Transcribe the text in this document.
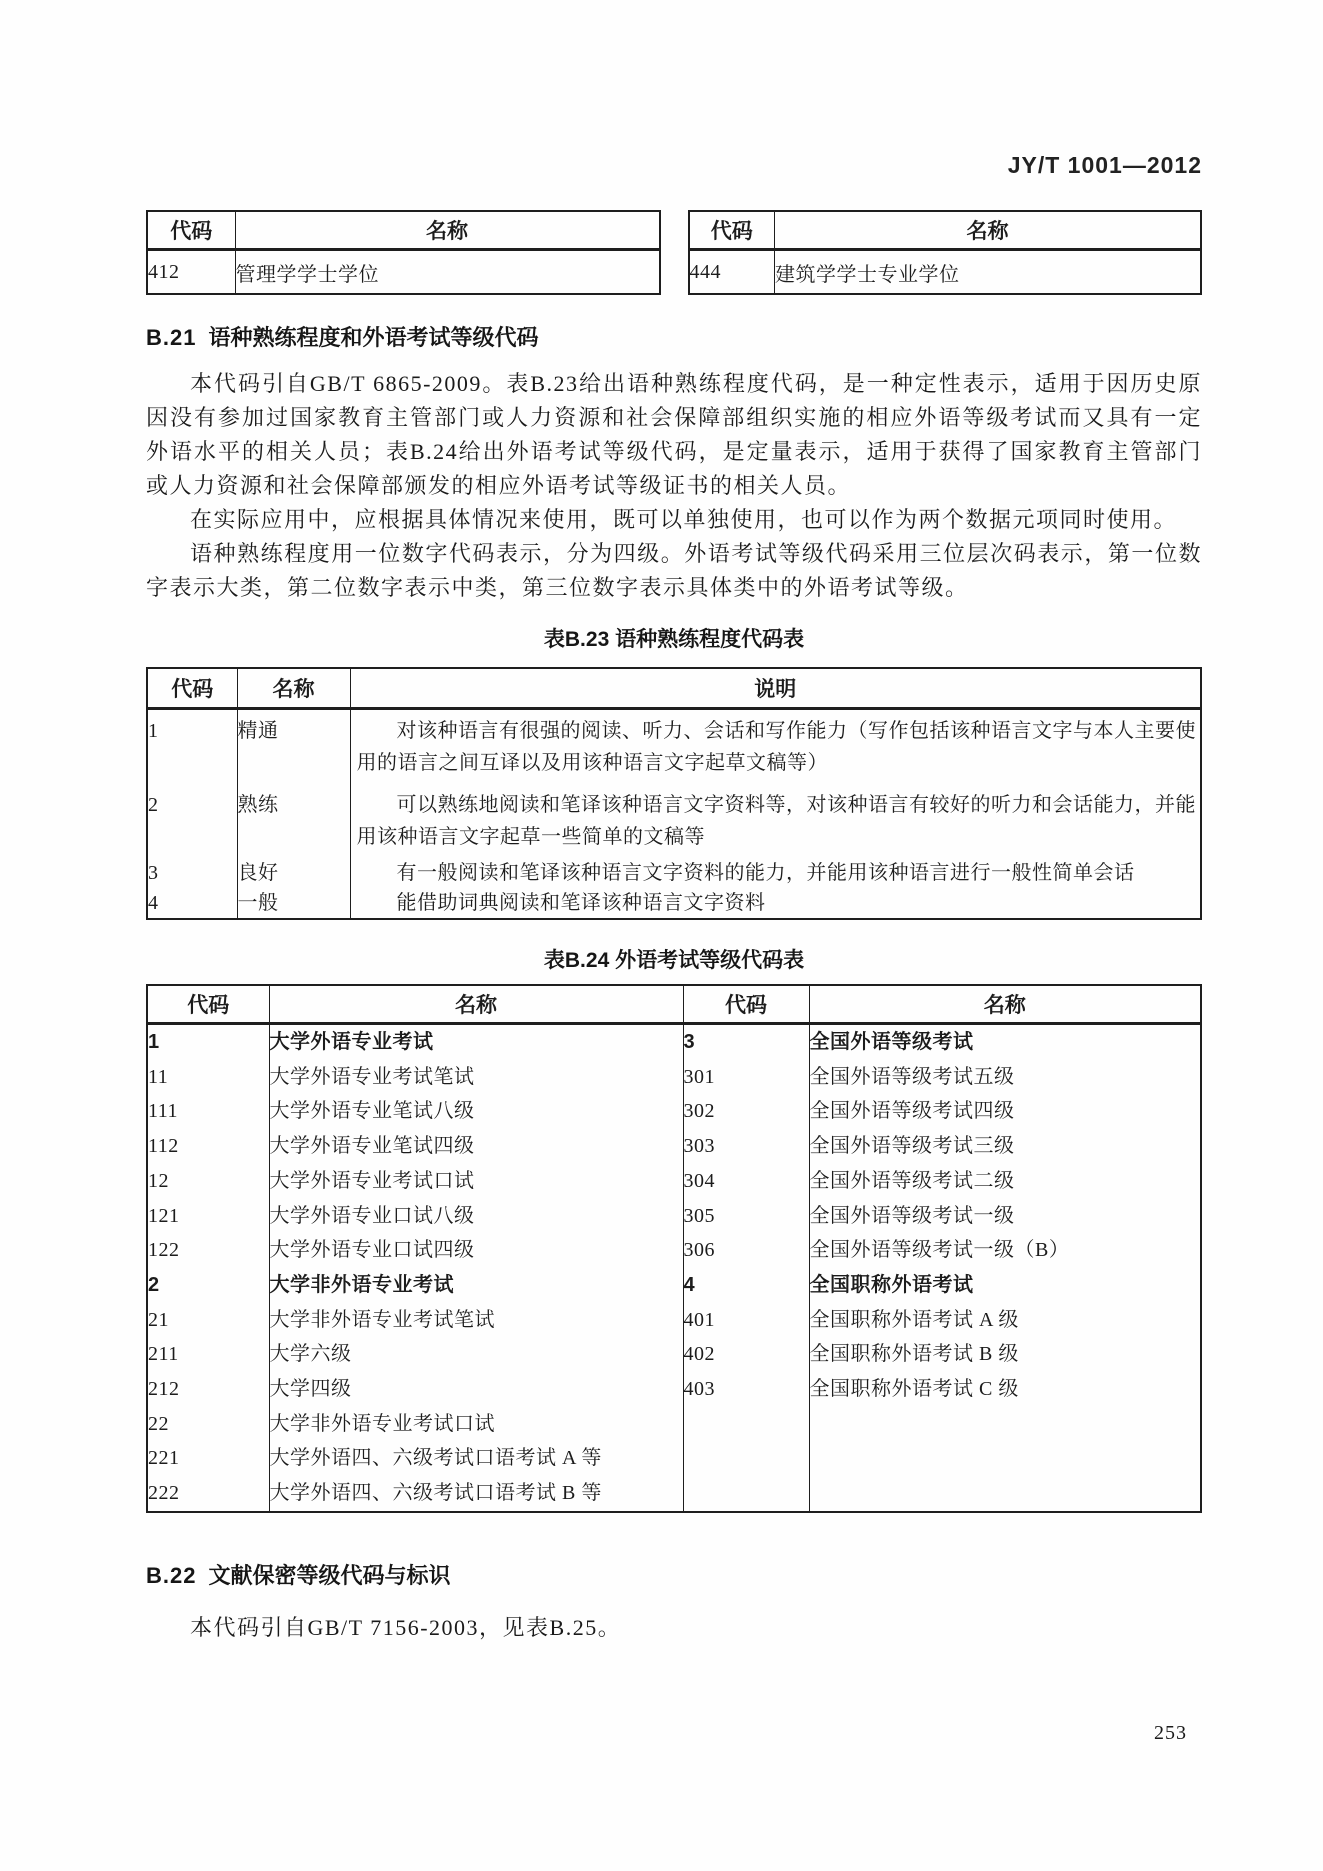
JY/T 1001—2012
代码	名称
412	管理学学士学位
代码	名称
444	建筑学学士专业学位
B.21 语种熟练程度和外语考试等级代码

本代码引自GB/T 6865-2009。表B.23给出语种熟练程度代码，是一种定性表示，适用于因历史原因没有参加过国家教育主管部门或人力资源和社会保障部组织实施的相应外语等级考试而又具有一定外语水平的相关人员；表B.24给出外语考试等级代码，是定量表示，适用于获得了国家教育主管部门或人力资源和社会保障部颁发的相应外语考试等级证书的相关人员。

在实际应用中，应根据具体情况来使用，既可以单独使用，也可以作为两个数据元项同时使用。

语种熟练程度用一位数字代码表示，分为四级。外语考试等级代码采用三位层次码表示，第一位数字表示大类，第二位数字表示中类，第三位数字表示具体类中的外语考试等级。

表B.23 语种熟练程度代码表
代码	名称	说明
1	精通	对该种语言有很强的阅读、听力、会话和写作能力（写作包括该种语言文字与本人主要使用的语言之间互译以及用该种语言文字起草文稿等）

2	熟练	可以熟练地阅读和笔译该种语言文字资料等，对该种语言有较好的听力和会话能力，并能用该种语言文字起草一些简单的文稿等

3	良好	有一般阅读和笔译该种语言文字资料的能力，并能用该种语言进行一般性简单会话

4	一般	能借助词典阅读和笔译该种语言文字资料
表B.24 外语考试等级代码表
代码	名称	代码	名称
1	大学外语专业考试	3	全国外语等级考试
11	大学外语专业考试笔试	301	全国外语等级考试五级
111	大学外语专业笔试八级	302	全国外语等级考试四级
112	大学外语专业笔试四级	303	全国外语等级考试三级
12	大学外语专业考试口试	304	全国外语等级考试二级
121	大学外语专业口试八级	305	全国外语等级考试一级
122	大学外语专业口试四级	306	全国外语等级考试一级（B）
2	大学非外语专业考试	4	全国职称外语考试
21	大学非外语专业考试笔试	401	全国职称外语考试 A 级
211	大学六级	402	全国职称外语考试 B 级
212	大学四级	403	全国职称外语考试 C 级
22	大学非外语专业考试口试		
221	大学外语四、六级考试口语考试 A 等		
222	大学外语四、六级考试口语考试 B 等		
B.22 文献保密等级代码与标识

本代码引自GB/T 7156-2003，见表B.25。

253
